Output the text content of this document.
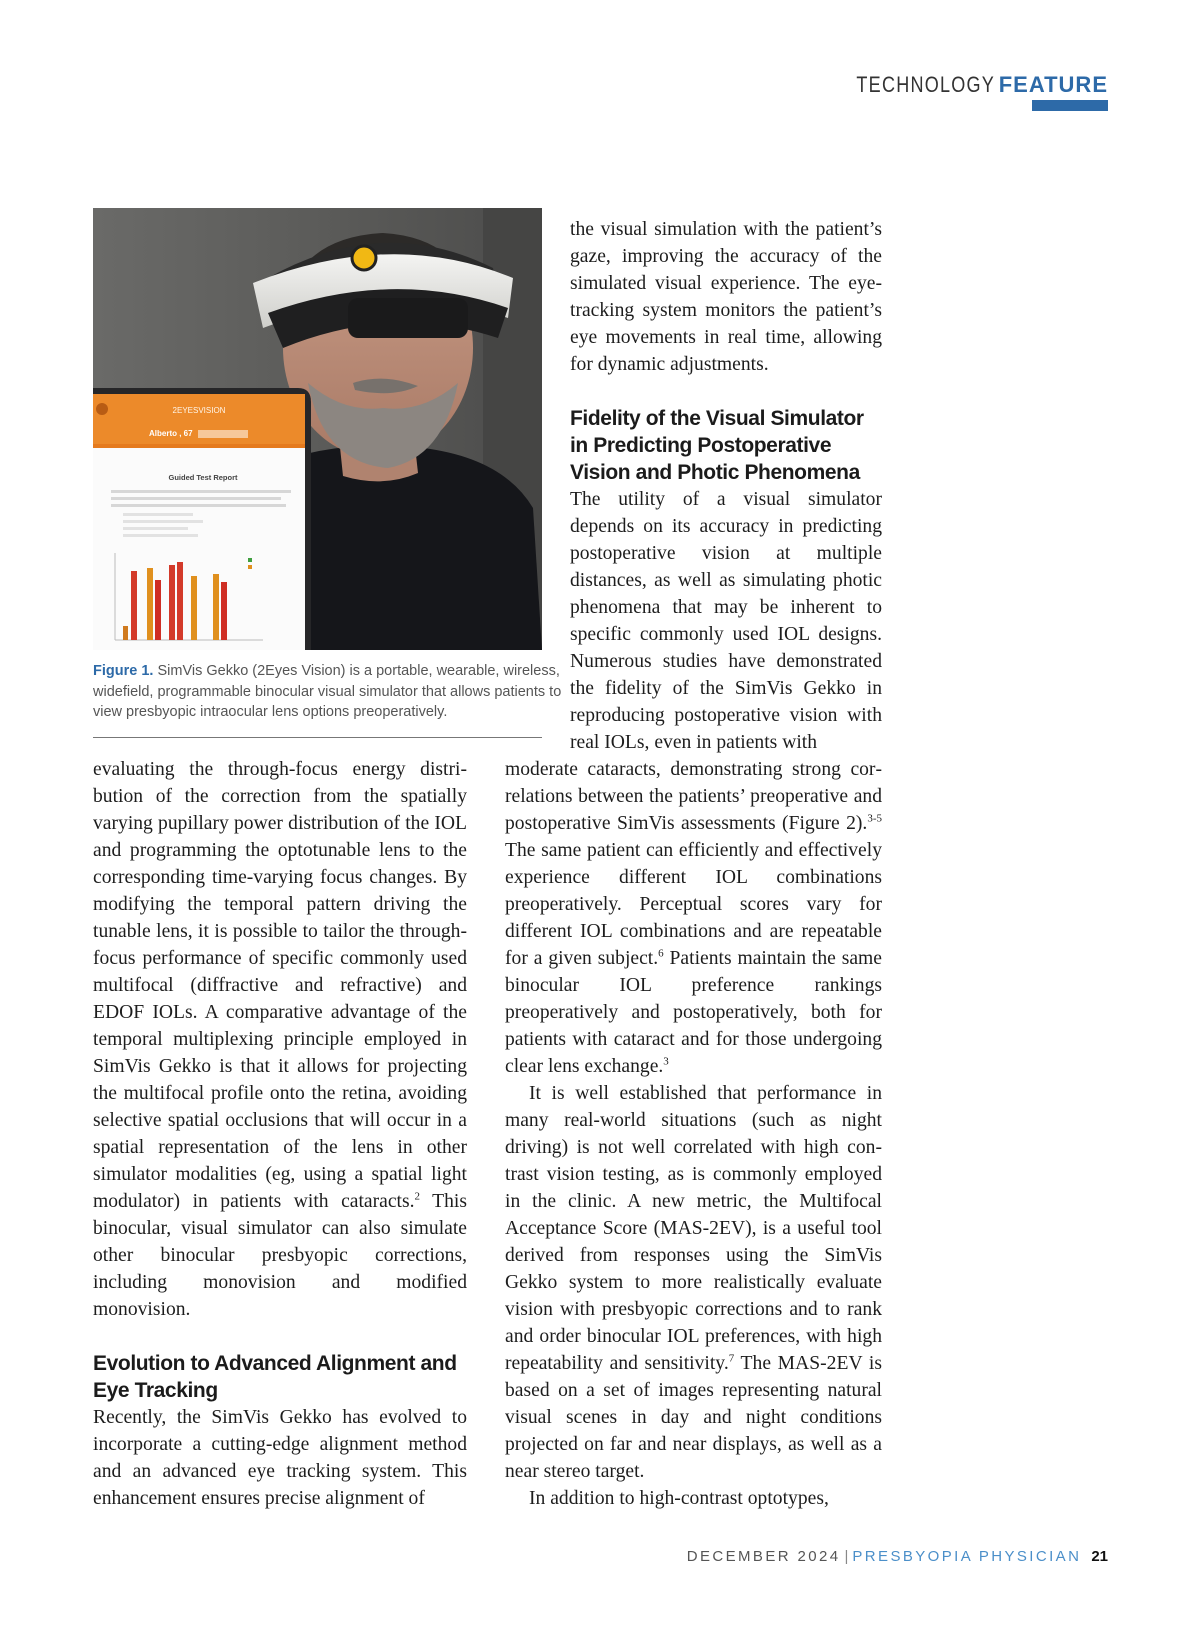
TECHNOLOGY FEATURE
2EYESVISION
Alberto , 67
Guided Test Report
Figure 1. SimVis Gekko (2Eyes Vision) is a portable, wearable, wireless, widefield, programmable binocular visual simulator that allows patients to view presbyopic intraocular lens options preoperatively.

the visual simulation with the patient’s gaze, improving the accuracy of the simulated visual experience. The eye-tracking system monitors the patient’s eye movements in real time, allowing for dynamic adjustments.

Fidelity of the Visual Simulator in Predicting Postoperative Vision and Photic Phenomena

The utility of a visual simulator depends on its accuracy in predicting postoperative vision at multiple distances, as well as simulating photic phenomena that may be inherent to specific commonly used IOL designs. Numerous studies have demonstrated the fidelity of the SimVis Gekko in reproducing postoperative vision with real IOLs, even in patients with

evaluating the through-focus energy distribution of the correction from the spatially varying pupillary power distribution of the IOL and programming the optotunable lens to the corresponding time-varying focus changes. By modifying the temporal pattern driving the tunable lens, it is possible to tailor the through-focus performance of specific commonly used multifocal (diffractive and refractive) and EDOF IOLs. A comparative advantage of the temporal multiplexing principle employed in SimVis Gekko is that it allows for projecting the multifocal profile onto the retina, avoiding selective spatial occlusions that will occur in a spatial representation of the lens in other simulator modalities (eg, using a spatial light modulator) in patients with cataracts.$^2$ This binocular, visual simulator can also simulate other binocular presbyopic corrections, including monovision and modified monovision.

Evolution to Advanced Alignment and Eye Tracking

Recently, the SimVis Gekko has evolved to incorporate a cutting-edge alignment method and an advanced eye tracking system. This enhancement ensures precise alignment of

moderate cataracts, demonstrating strong correlations between the patients’ preoperative and postoperative SimVis assessments (Figure 2).$^{3-5}$ The same patient can efficiently and effectively experience different IOL combinations preoperatively. Perceptual scores vary for different IOL combinations and are repeatable for a given subject.$^6$ Patients maintain the same binocular IOL preference rankings preoperatively and postoperatively, both for patients with cataract and for those undergoing clear lens exchange.$^3$

It is well established that performance in many real-world situations (such as night driving) is not well correlated with high contrast vision testing, as is commonly employed in the clinic. A new metric, the Multifocal Acceptance Score (MAS-2EV), is a useful tool derived from responses using the SimVis Gekko system to more realistically evaluate vision with presbyopic corrections and to rank and order binocular IOL preferences, with high repeatability and sensitivity.$^7$ The MAS-2EV is based on a set of images representing natural visual scenes in day and night conditions projected on far and near displays, as well as a near stereo target.

In addition to high-contrast optotypes,

DECEMBER 2024 | PRESBYOPIA PHYSICIAN 21
